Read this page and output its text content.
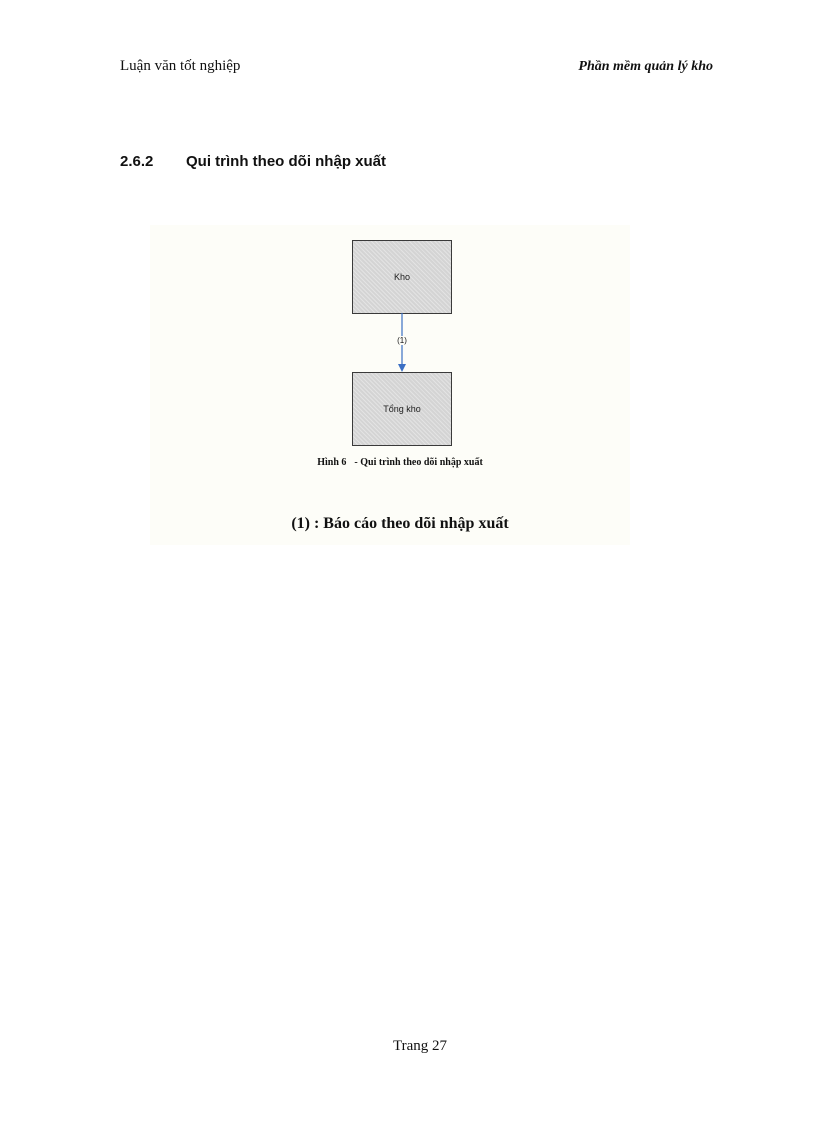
Luận văn tốt nghiệp	Phần mềm quản lý kho
2.6.2 Qui trình theo dõi nhập xuất
Kho
(1)
Tổng kho
Hình 6 - Qui trình theo dõi nhập xuất
(1) : Báo cáo theo dõi nhập xuất
Trang 27
